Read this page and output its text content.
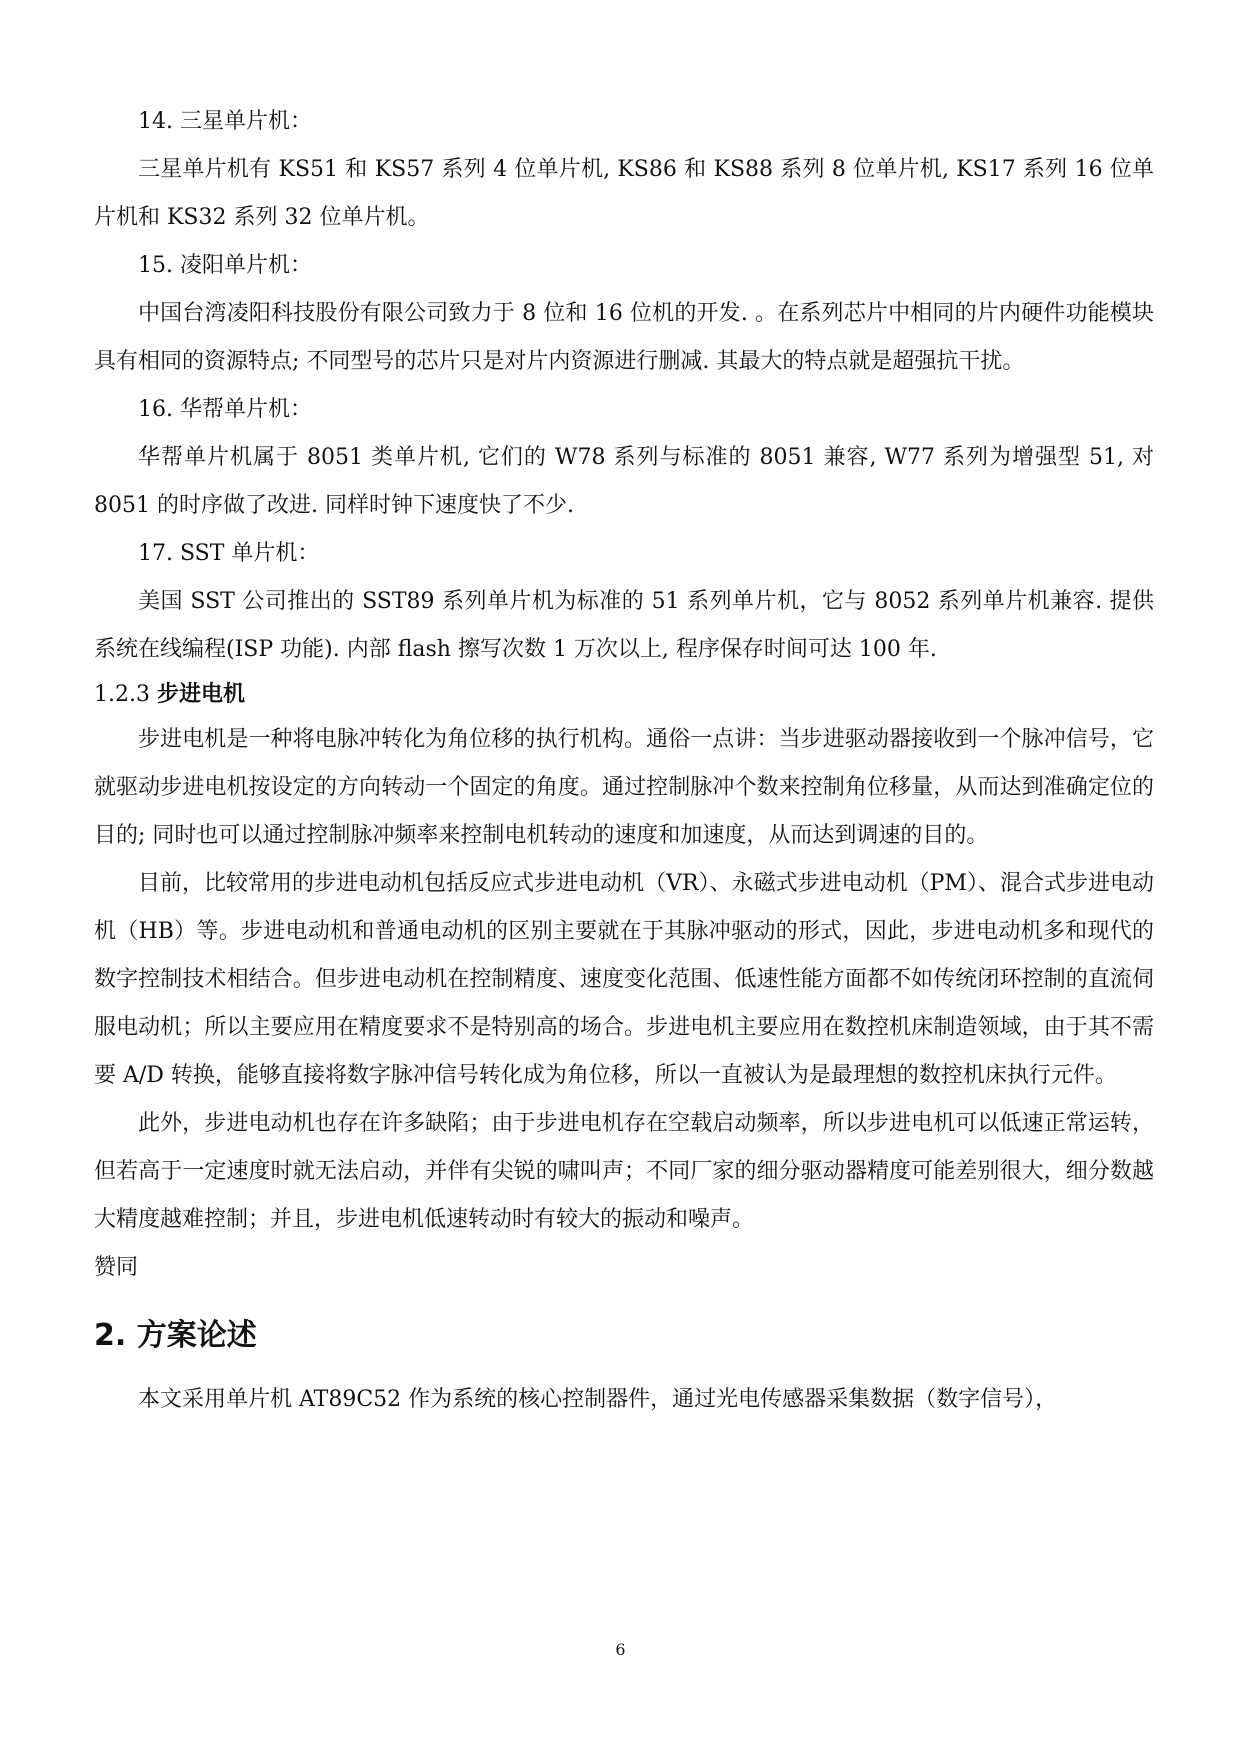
14. 三星单片机：

三星单片机有 KS51 和 KS57 系列 4 位单片机, KS86 和 KS88 系列 8 位单片机, KS17 系列 16 位单片机和 KS32 系列 32 位单片机。

15. 凌阳单片机：

中国台湾凌阳科技股份有限公司致力于 8 位和 16 位机的开发. 。在系列芯片中相同的片内硬件功能模块具有相同的资源特点; 不同型号的芯片只是对片内资源进行删减. 其最大的特点就是超强抗干扰。

16. 华帮单片机：

华帮单片机属于 8051 类单片机, 它们的 W78 系列与标准的 8051 兼容, W77 系列为增强型 51, 对 8051 的时序做了改进. 同样时钟下速度快了不少.

17. SST 单片机：

美国 SST 公司推出的 SST89 系列单片机为标准的 51 系列单片机，它与 8052 系列单片机兼容. 提供系统在线编程(ISP 功能). 内部 flash 擦写次数 1 万次以上, 程序保存时间可达 100 年.

1.2.3 步进电机

步进电机是一种将电脉冲转化为角位移的执行机构。通俗一点讲：当步进驱动器接收到一个脉冲信号，它就驱动步进电机按设定的方向转动一个固定的角度。通过控制脉冲个数来控制角位移量，从而达到准确定位的目的; 同时也可以通过控制脉冲频率来控制电机转动的速度和加速度，从而达到调速的目的。

目前，比较常用的步进电动机包括反应式步进电动机（VR）、永磁式步进电动机（PM）、混合式步进电动机（HB）等。步进电动机和普通电动机的区别主要就在于其脉冲驱动的形式，因此，步进电动机多和现代的数字控制技术相结合。但步进电动机在控制精度、速度变化范围、低速性能方面都不如传统闭环控制的直流伺服电动机；所以主要应用在精度要求不是特别高的场合。步进电机主要应用在数控机床制造领域，由于其不需要 A/D 转换，能够直接将数字脉冲信号转化成为角位移，所以一直被认为是最理想的数控机床执行元件。

此外，步进电动机也存在许多缺陷；由于步进电机存在空载启动频率，所以步进电机可以低速正常运转，但若高于一定速度时就无法启动，并伴有尖锐的啸叫声；不同厂家的细分驱动器精度可能差别很大，细分数越大精度越难控制；并且，步进电机低速转动时有较大的振动和噪声。

赞同

2. 方案论述

本文采用单片机 AT89C52 作为系统的核心控制器件，通过光电传感器采集数据（数字信号），

6
